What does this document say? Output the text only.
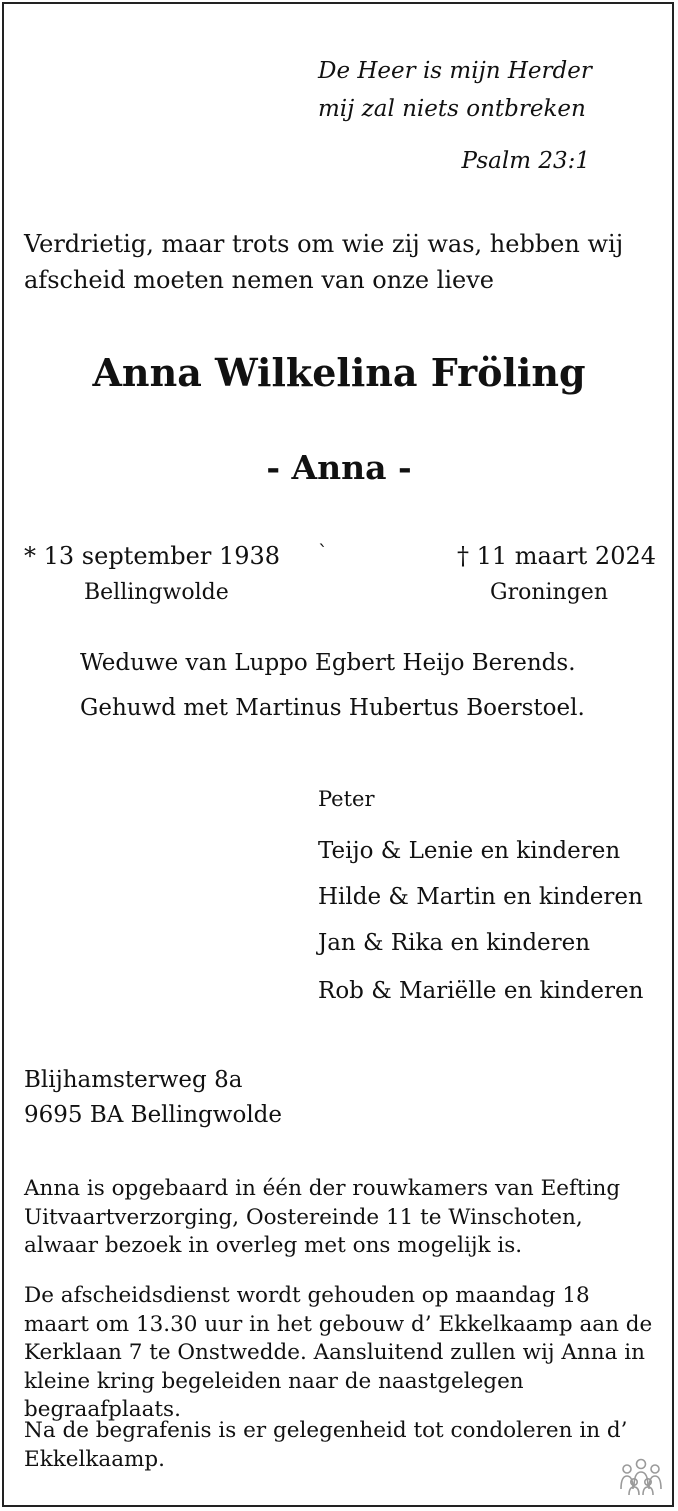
De Heer is mijn Herder

mij zal niets ontbreken

Psalm 23:1

Verdrietig, maar trots om wie zij was, hebben wij afscheid moeten nemen van onze lieve

Anna Wilkelina Fröling

- Anna -

* 13 september 1938 `	† 11 maart 2024

Bellingwolde	Groningen

Weduwe van Luppo Egbert Heijo Berends.

Gehuwd met Martinus Hubertus Boerstoel.

Peter

Teijo & Lenie en kinderen

Hilde & Martin en kinderen

Jan & Rika en kinderen

Rob & Mariëlle en kinderen

Blijhamsterweg 8a

9695 BA Bellingwolde

Anna is opgebaard in één der rouwkamers van Eefting Uitvaartverzorging, Oostereinde 11 te Winschoten, alwaar bezoek in overleg met ons mogelijk is.

De afscheidsdienst wordt gehouden op maandag 18 maart om 13.30 uur in het gebouw d’ Ekkelkaamp aan de Kerklaan 7 te Onstwedde. Aansluitend zullen wij Anna in kleine kring begeleiden naar de naastgelegen begraafplaats.

Na de begrafenis is er gelegenheid tot condoleren in d’ Ekkelkaamp.
